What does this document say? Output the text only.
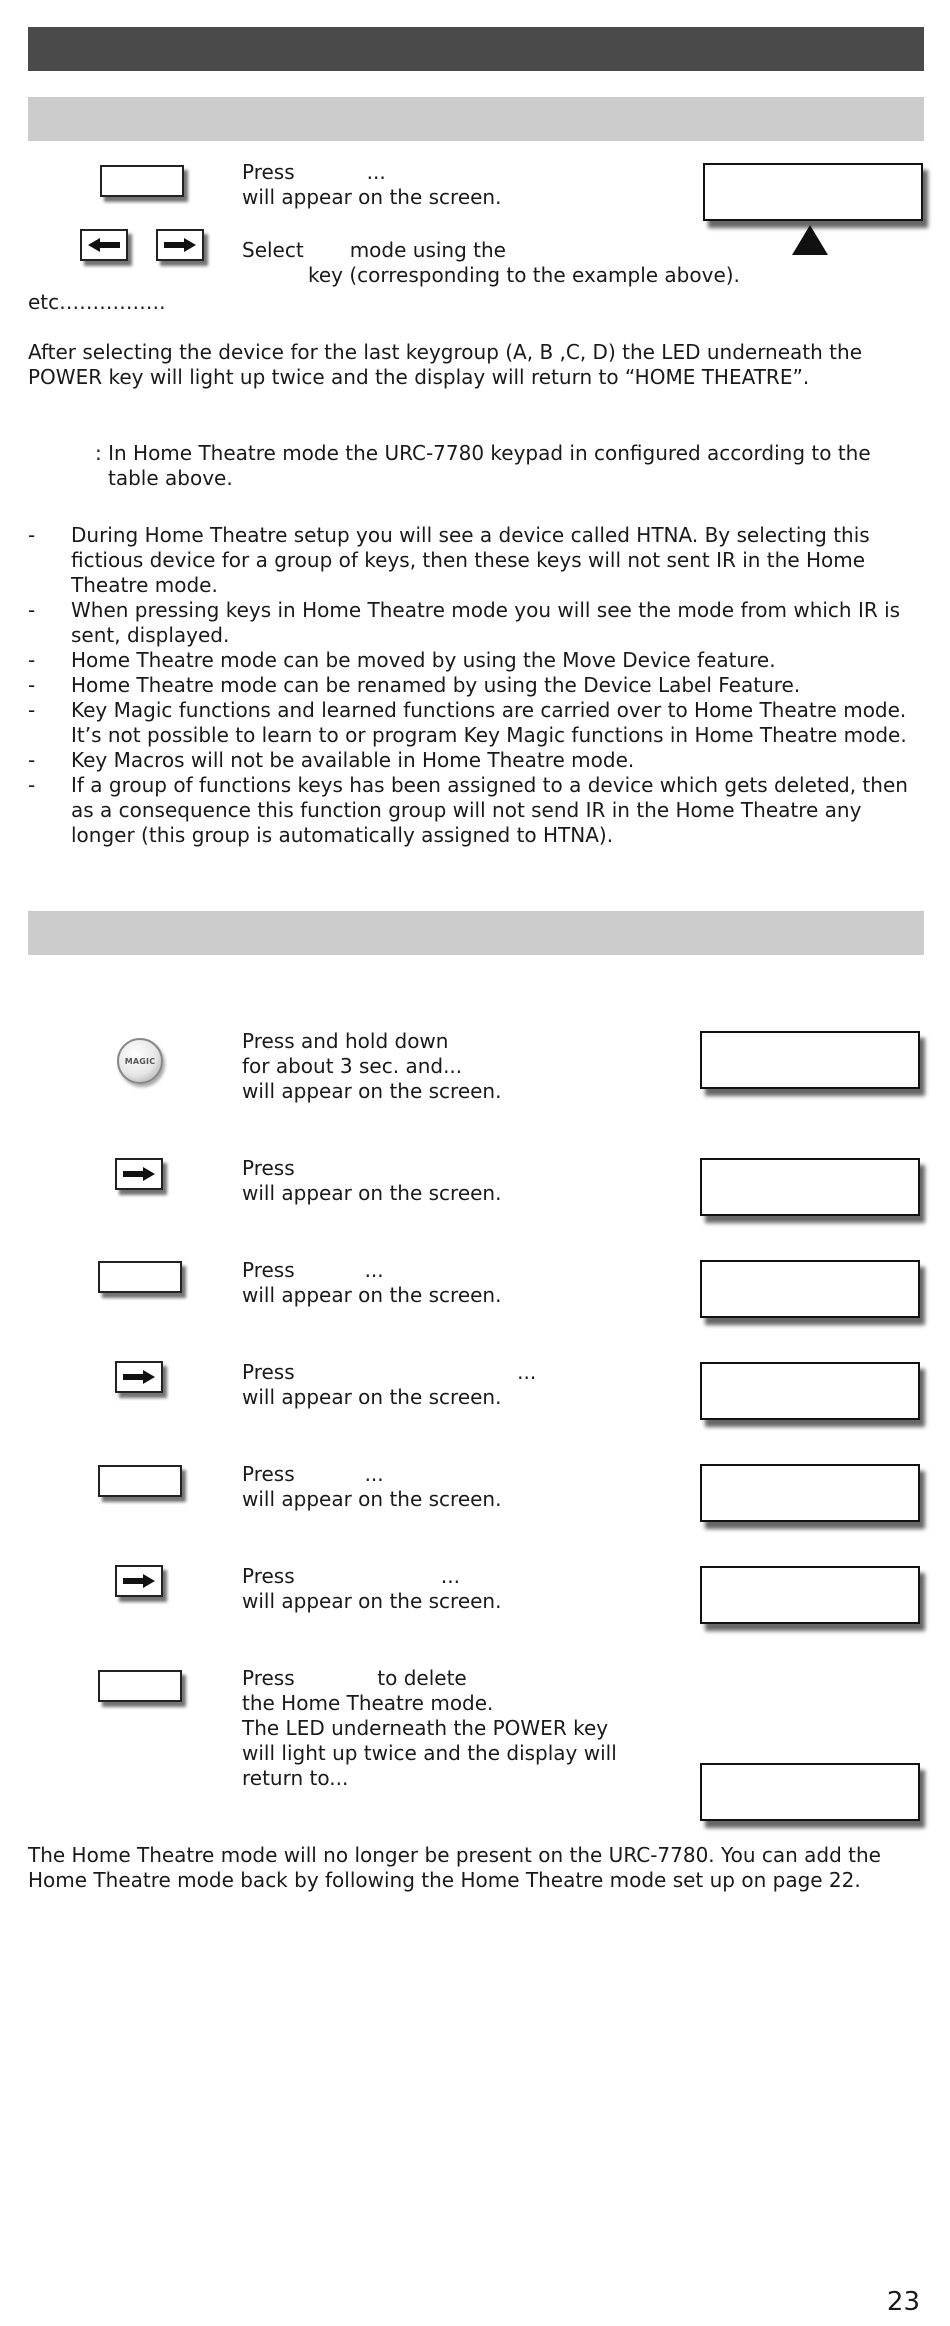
Press	...
will appear on the screen.
Select mode using the
key (corresponding to the example above).
etc…………….
After selecting the device for the last keygroup (A, B ,C, D) the LED underneath the
POWER key will light up twice and the display will return to “HOME THEATRE”.
: In Home Theatre mode the URC-7780 keypad in configured according to the
table above.
- During Home Theatre setup you will see a device called HTNA. By selecting this
fictious device for a group of keys, then these keys will not sent IR in the Home
Theatre mode.
- When pressing keys in Home Theatre mode you will see the mode from which IR is
sent, displayed.
- Home Theatre mode can be moved by using the Move Device feature.
- Home Theatre mode can be renamed by using the Device Label Feature.
- Key Magic functions and learned functions are carried over to Home Theatre mode.
It’s not possible to learn to or program Key Magic functions in Home Theatre mode.
- Key Macros will not be available in Home Theatre mode.
- If a group of functions keys has been assigned to a device which gets deleted, then
as a consequence this function group will not send IR in the Home Theatre any
longer (this group is automatically assigned to HTNA).
MAGIC
Press and hold down
for about 3 sec. and...
will appear on the screen.
Press
will appear on the screen.
Press           ...
will appear on the screen.
Press                                   ...
will appear on the screen.
Press           ...
will appear on the screen.
Press                       ...
will appear on the screen.
Press             to delete
the Home Theatre mode.
The LED underneath the POWER key
will light up twice and the display will
return to...
The Home Theatre mode will no longer be present on the URC-7780. You can add the
Home Theatre mode back by following the Home Theatre mode set up on page 22.
23
